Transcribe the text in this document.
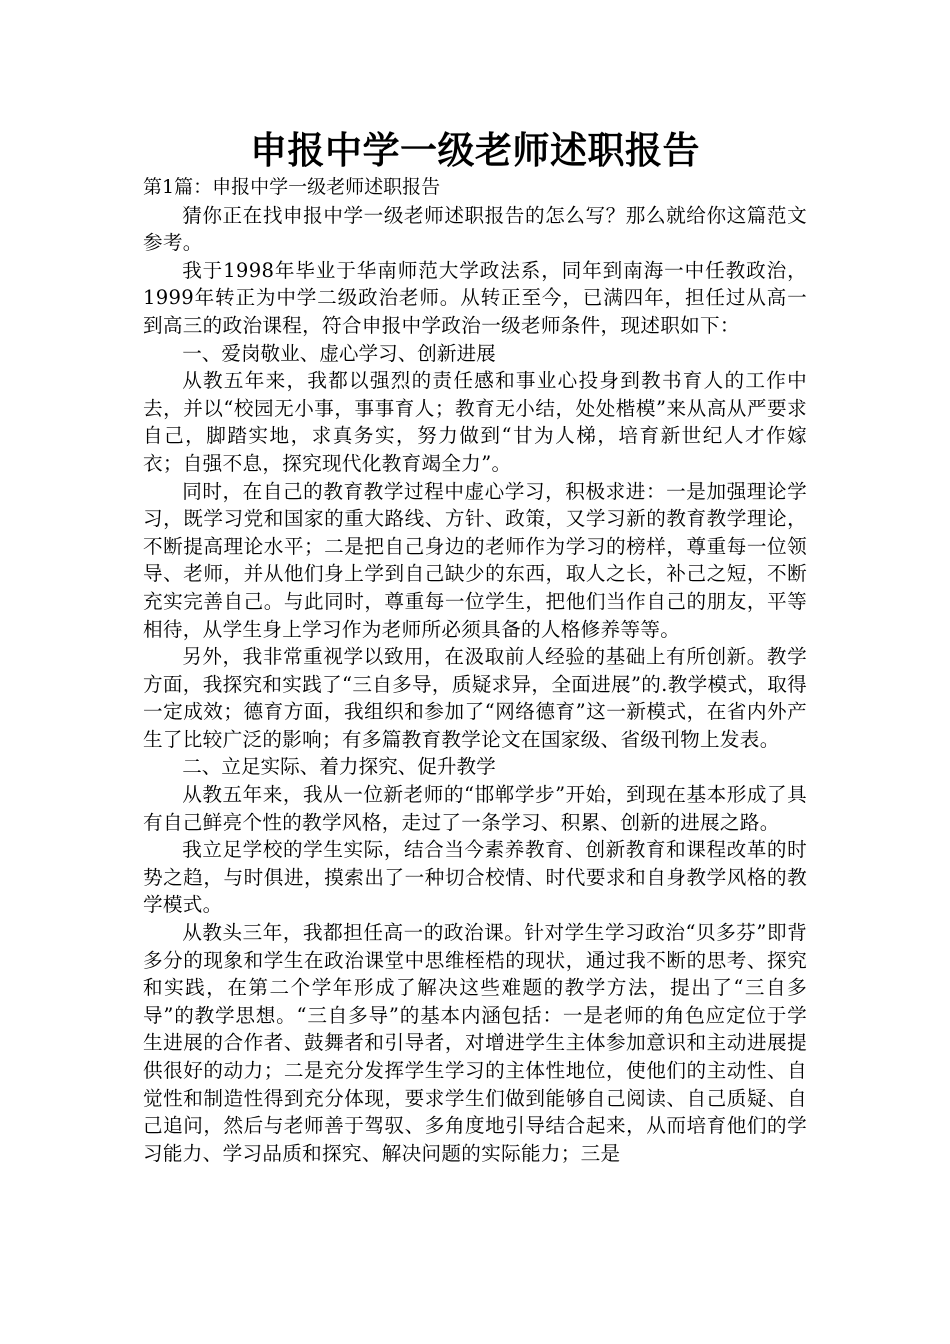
申报中学一级老师述职报告

第1篇：申报中学一级老师述职报告

猜你正在找申报中学一级老师述职报告的怎么写？那么就给你这篇范文参考。

我于1998年毕业于华南师范大学政法系，同年到南海一中任教政治，1999年转正为中学二级政治老师。从转正至今，已满四年，担任过从高一到高三的政治课程，符合申报中学政治一级老师条件，现述职如下：

一、爱岗敬业、虚心学习、创新进展

从教五年来，我都以强烈的责任感和事业心投身到教书育人的工作中去，并以“校园无小事，事事育人；教育无小结，处处楷模”来从高从严要求自己，脚踏实地，求真务实，努力做到“甘为人梯，培育新世纪人才作嫁衣；自强不息，探究现代化教育竭全力”。

同时，在自己的教育教学过程中虚心学习，积极求进：一是加强理论学习，既学习党和国家的重大路线、方针、政策，又学习新的教育教学理论，不断提高理论水平；二是把自己身边的老师作为学习的榜样，尊重每一位领导、老师，并从他们身上学到自己缺少的东西，取人之长，补己之短，不断充实完善自己。与此同时，尊重每一位学生，把他们当作自己的朋友，平等相待，从学生身上学习作为老师所必须具备的人格修养等等。

另外，我非常重视学以致用，在汲取前人经验的基础上有所创新。教学方面，我探究和实践了“三自多导，质疑求异，全面进展”的.教学模式，取得一定成效；德育方面，我组织和参加了“网络德育”这一新模式，在省内外产生了比较广泛的影响；有多篇教育教学论文在国家级、省级刊物上发表。

二、立足实际、着力探究、促升教学

从教五年来，我从一位新老师的“邯郸学步”开始，到现在基本形成了具有自己鲜亮个性的教学风格，走过了一条学习、积累、创新的进展之路。

我立足学校的学生实际，结合当今素养教育、创新教育和课程改革的时势之趋，与时俱进，摸索出了一种切合校情、时代要求和自身教学风格的教学模式。

从教头三年，我都担任高一的政治课。针对学生学习政治“贝多芬”即背多分的现象和学生在政治课堂中思维桎梏的现状，通过我不断的思考、探究和实践，在第二个学年形成了解决这些难题的教学方法，提出了“三自多导”的教学思想。“三自多导”的基本内涵包括：一是老师的角色应定位于学生进展的合作者、鼓舞者和引导者，对增进学生主体参加意识和主动进展提供很好的动力；二是充分发挥学生学习的主体性地位，使他们的主动性、自觉性和制造性得到充分体现，要求学生们做到能够自己阅读、自己质疑、自己追问，然后与老师善于驾驭、多角度地引导结合起来，从而培育他们的学习能力、学习品质和探究、解决问题的实际能力；三是
